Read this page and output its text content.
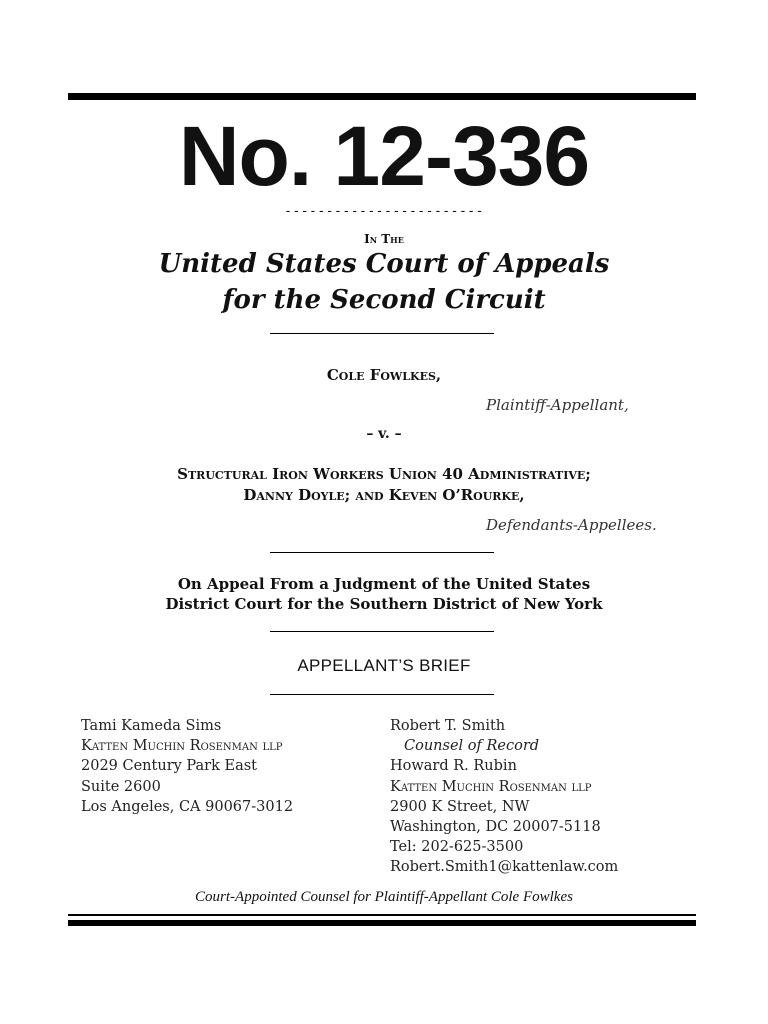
No. 12-336
------------------------
In The
United States Court of Appeals
for the Second Circuit
Cole Fowlkes,
Plaintiff-Appellant,
– v. –
Structural Iron Workers Union 40 Administrative;
Danny Doyle; and Keven O’Rourke,
Defendants-Appellees.
On Appeal From a Judgment of the United States
District Court for the Southern District of New York
APPELLANT’S BRIEF
Tami Kameda Sims
Katten Muchin Rosenman llp
2029 Century Park East
Suite 2600
Los Angeles, CA 90067-3012
Robert T. Smith
Counsel of Record
Howard R. Rubin
Katten Muchin Rosenman llp
2900 K Street, NW
Washington, DC 20007-5118
Tel: 202-625-3500
Robert.Smith1@kattenlaw.com
Court-Appointed Counsel for Plaintiff-Appellant Cole Fowlkes
